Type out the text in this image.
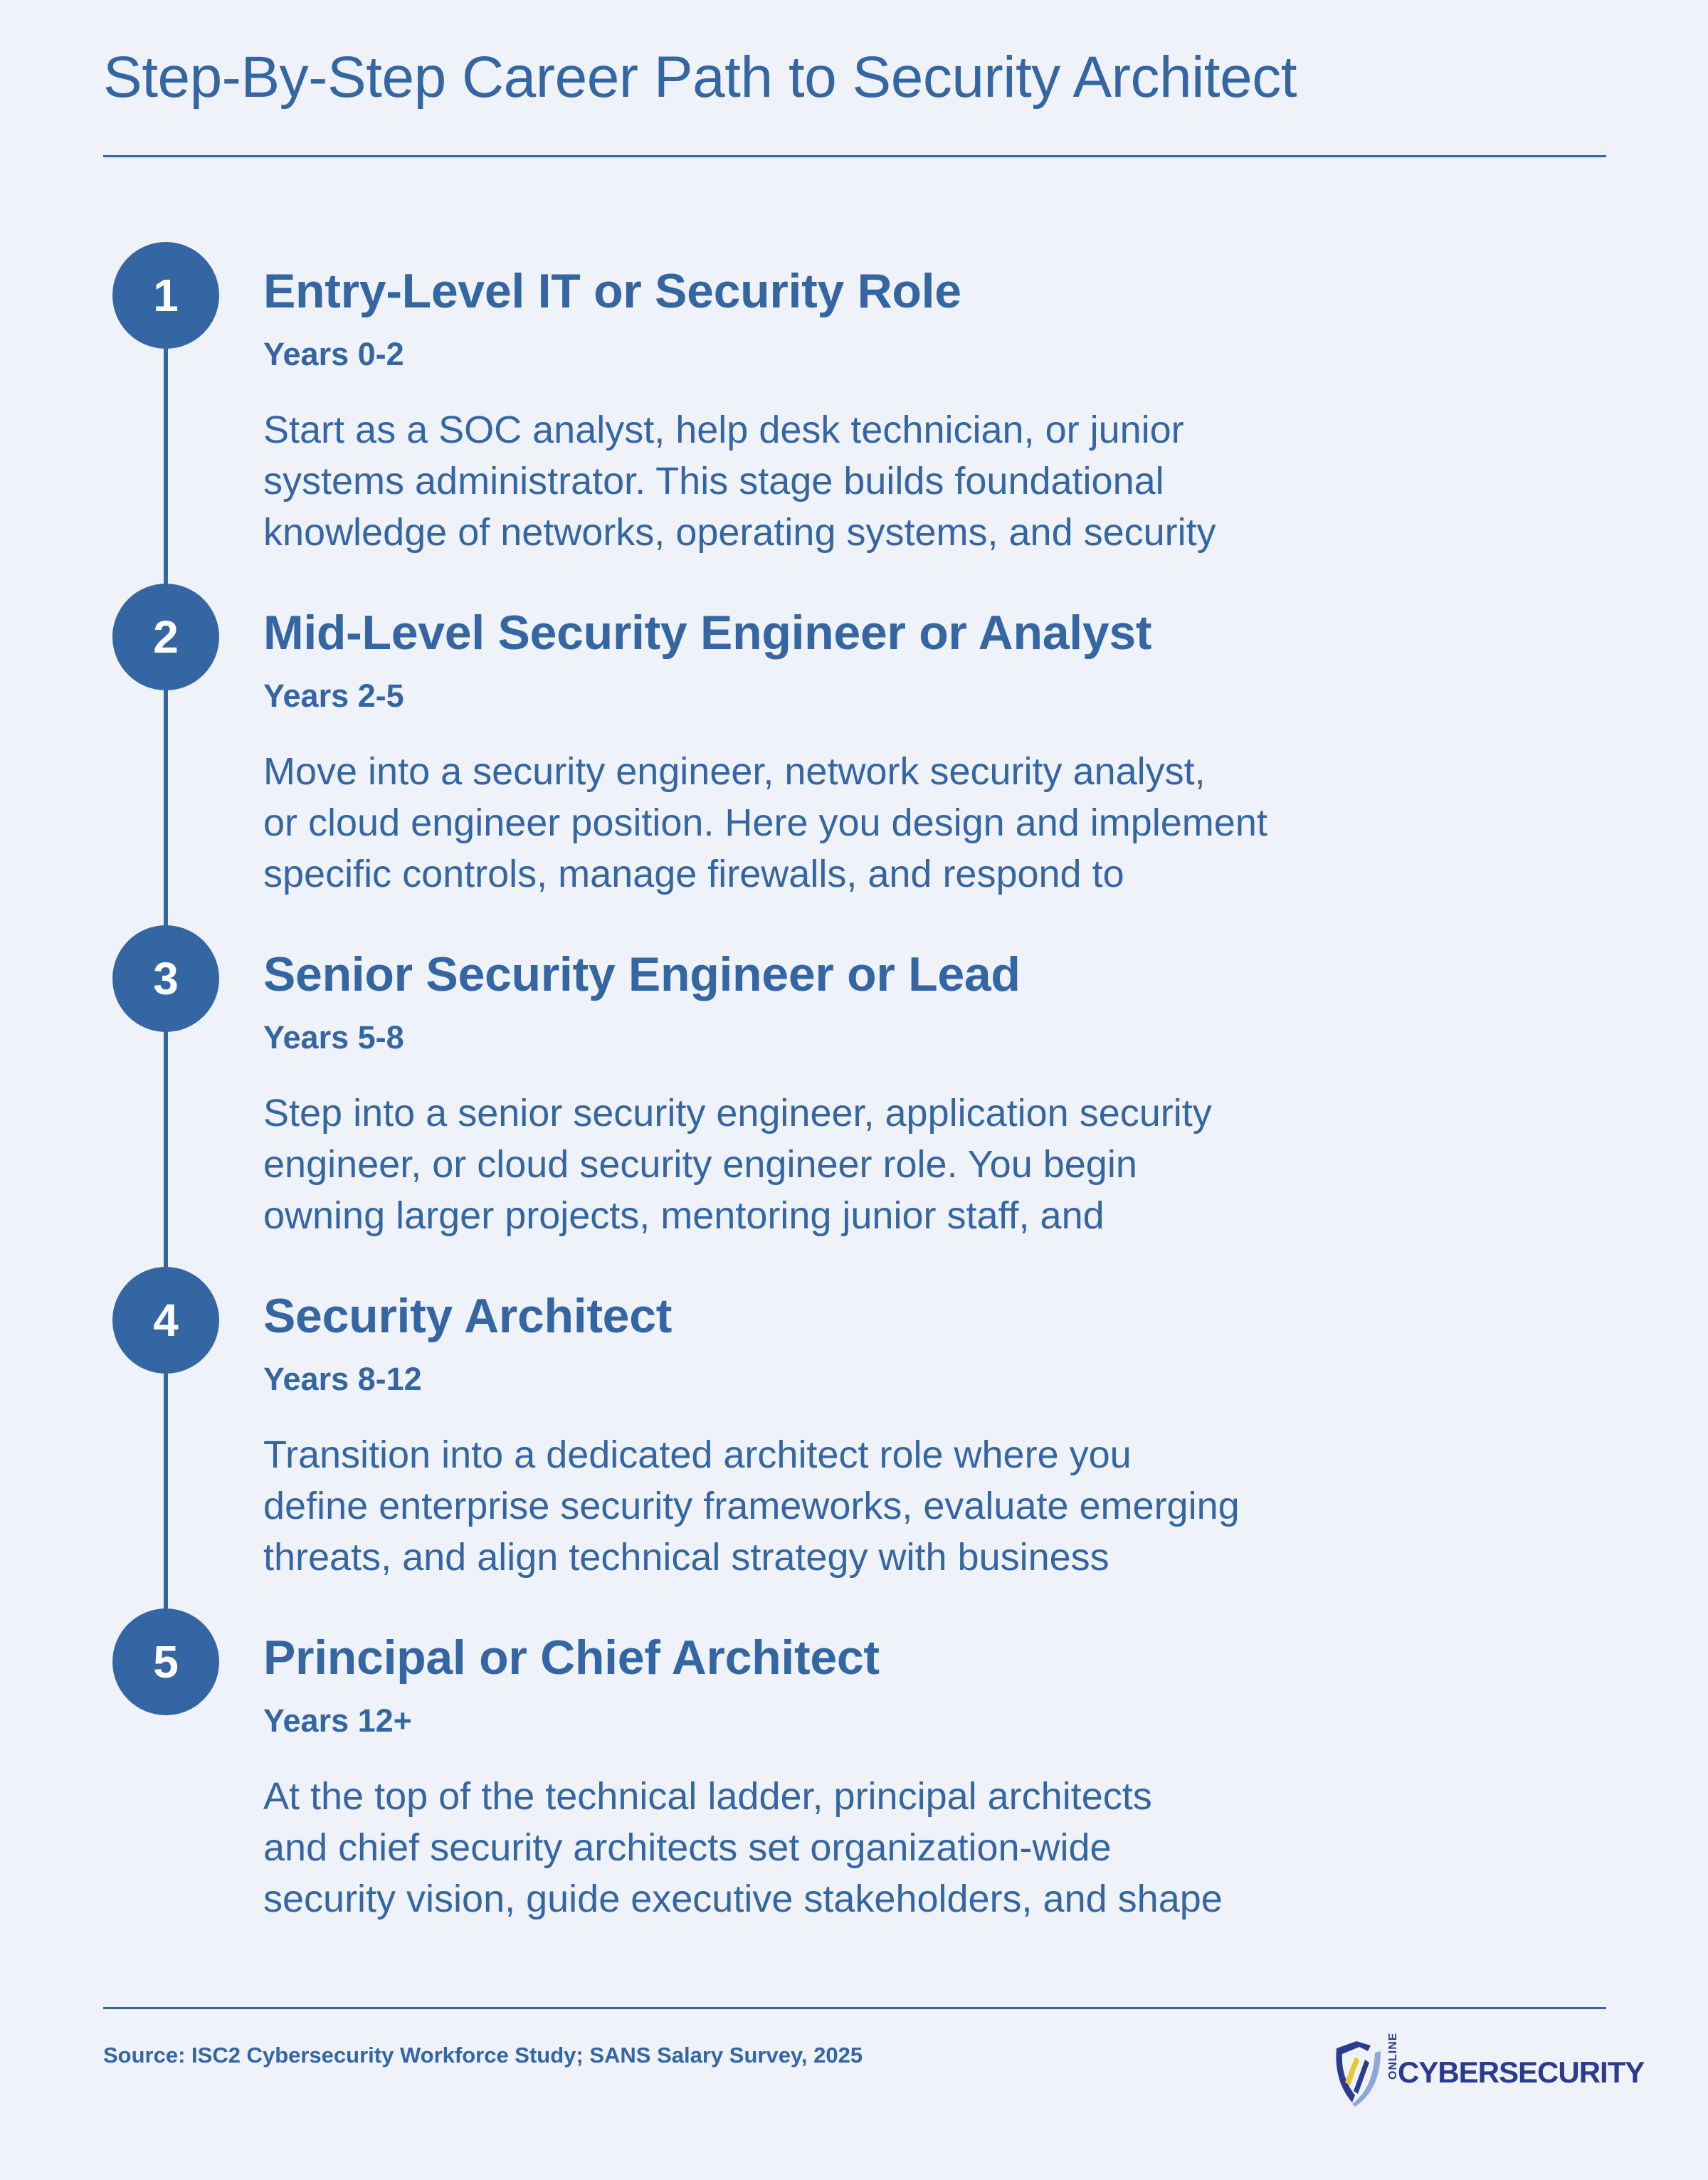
Step-By-Step Career Path to Security Architect
1	Entry-Level IT or Security Role
Years 0-2
Start as a SOC analyst, help desk technician, or junior
systems administrator. This stage builds foundational
knowledge of networks, operating systems, and security
2	Mid-Level Security Engineer or Analyst
Years 2-5
Move into a security engineer, network security analyst,
or cloud engineer position. Here you design and implement
specific controls, manage firewalls, and respond to
3	Senior Security Engineer or Lead
Years 5-8
Step into a senior security engineer, application security
engineer, or cloud security engineer role. You begin
owning larger projects, mentoring junior staff, and
4	Security Architect
Years 8-12
Transition into a dedicated architect role where you
define enterprise security frameworks, evaluate emerging
threats, and align technical strategy with business
5	Principal or Chief Architect
Years 12+
At the top of the technical ladder, principal architects
and chief security architects set organization-wide
security vision, guide executive stakeholders, and shape
Source: ISC2 Cybersecurity Workforce Study; SANS Salary Survey, 2025	ONLINE
CYBERSECURITY
